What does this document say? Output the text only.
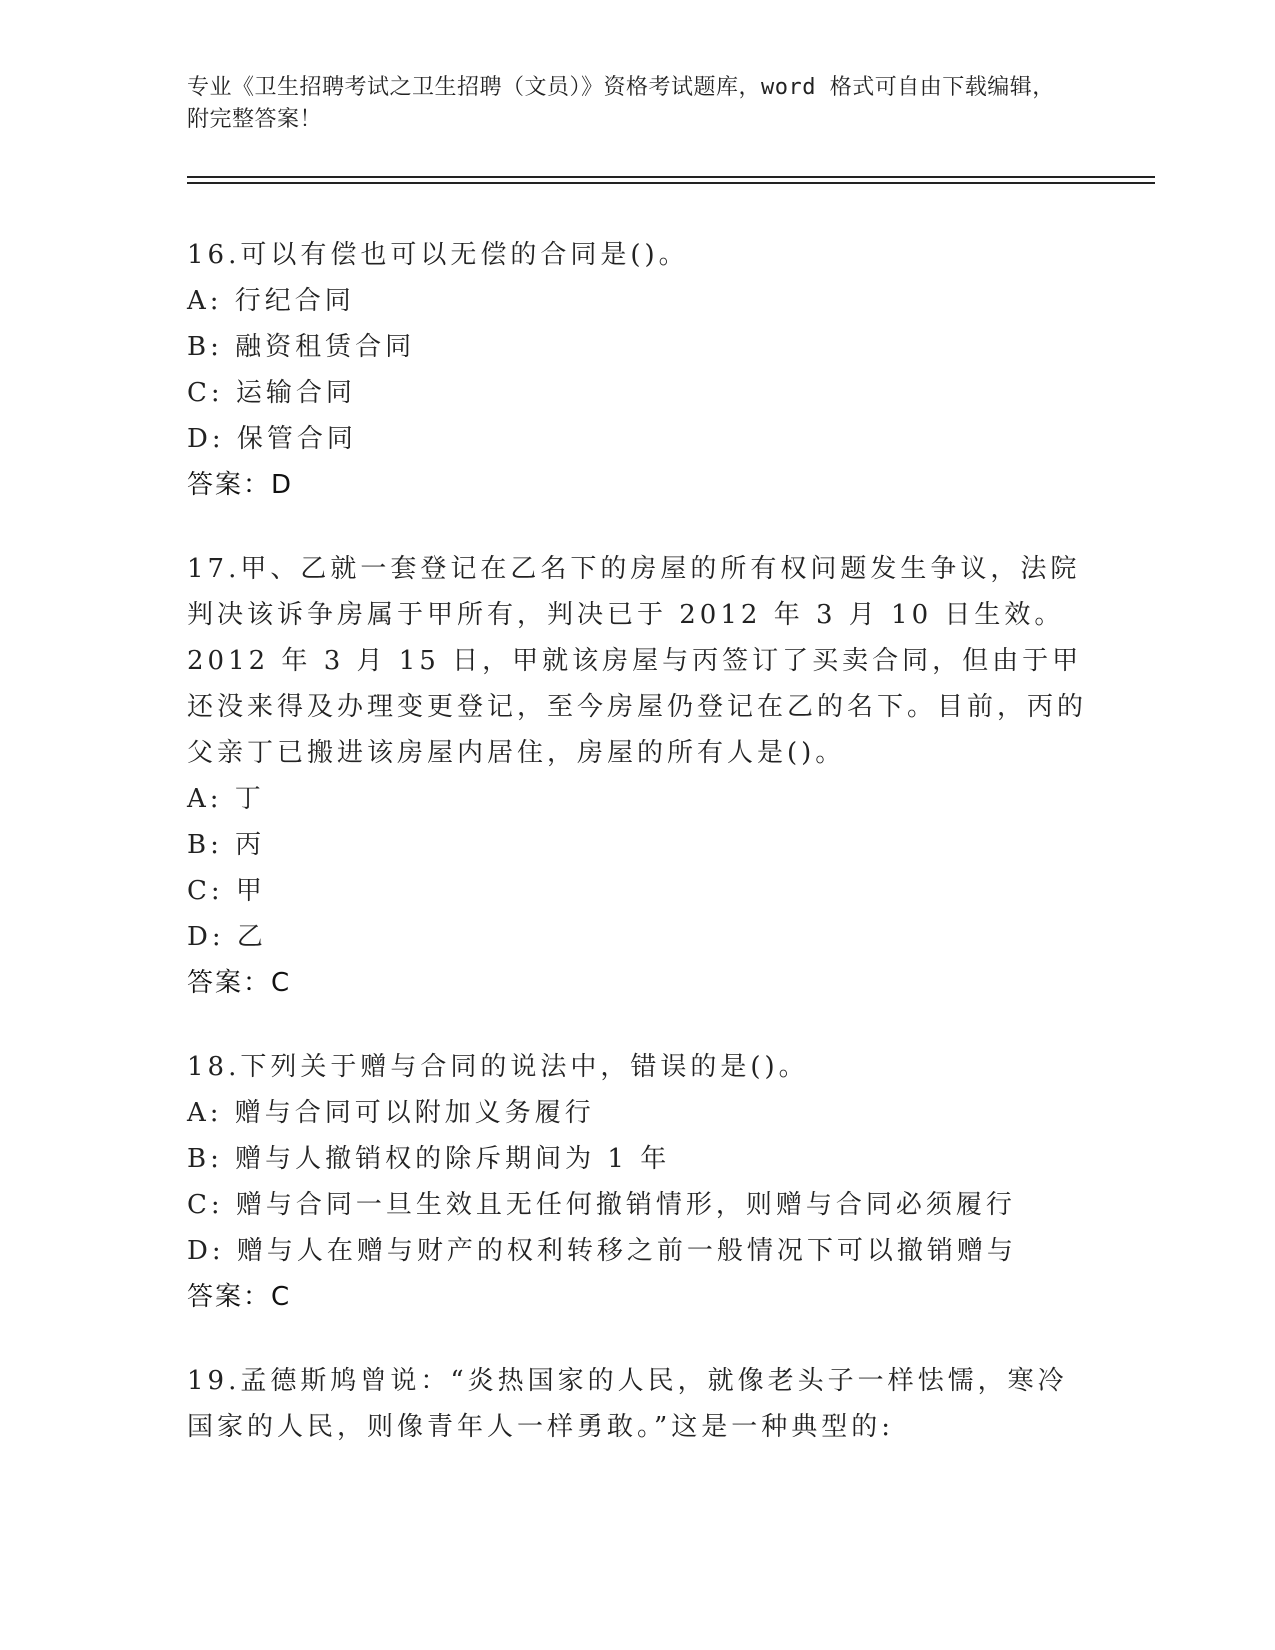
专业《卫生招聘考试之卫生招聘（文员）》资格考试题库，word 格式可自由下载编辑，附完整答案！

16.可以有偿也可以无偿的合同是()。

A: 行纪合同
B: 融资租赁合同
C: 运输合同
D: 保管合同
答案：D

17.甲、乙就一套登记在乙名下的房屋的所有权问题发生争议，法院判决该诉争房属于甲所有，判决已于 2012 年 3 月 10 日生效。2012 年 3 月 15 日，甲就该房屋与丙签订了买卖合同，但由于甲还没来得及办理变更登记，至今房屋仍登记在乙的名下。目前，丙的父亲丁已搬进该房屋内居住，房屋的所有人是()。

A: 丁
B: 丙
C: 甲
D: 乙
答案：C

18.下列关于赠与合同的说法中，错误的是()。

A: 赠与合同可以附加义务履行
B: 赠与人撤销权的除斥期间为 1 年
C: 赠与合同一旦生效且无任何撤销情形，则赠与合同必须履行
D: 赠与人在赠与财产的权利转移之前一般情况下可以撤销赠与
答案：C

19.孟德斯鸠曾说：“炎热国家的人民，就像老头子一样怯懦，寒冷国家的人民，则像青年人一样勇敢。”这是一种典型的:
